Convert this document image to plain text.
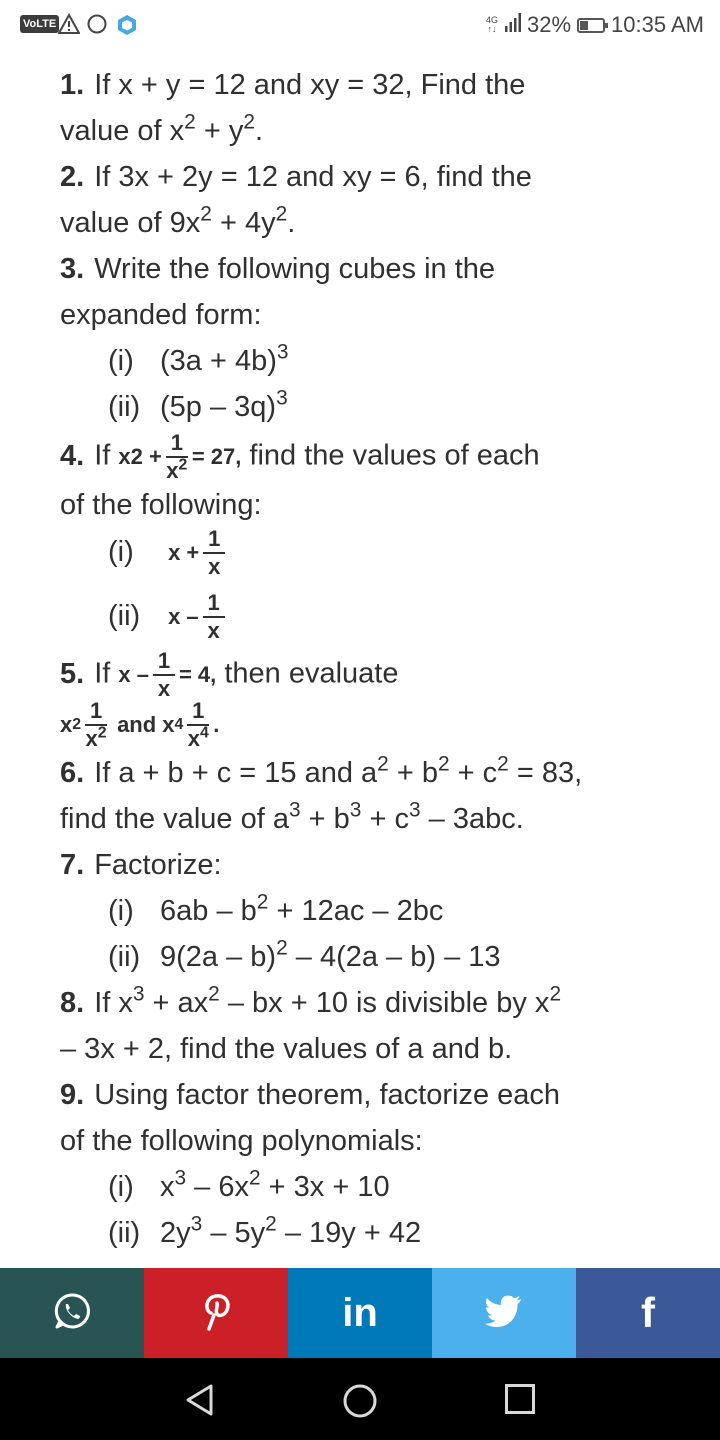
VoLTE	4G
↑↓ 32% 10:35 AM
1. If x + y = 12 and xy = 32, Find the
value of $x^2 + y^2$.
2. If 3x + 2y = 12 and xy = 6, find the
value of $9x^2 + 4y^2$.
3. Write the following cubes in the
expanded form:
(i) $(3a + 4b)^3$
(ii) (5p – 3q)$^3$
4. If $x2 + \frac{1}{x^2} = 27$, find the values of each
of the following:
(i) $x + \frac{1}{x}$
(ii) x – $\frac{1}{x}$
5. If $x - \frac{1}{x} = 4$, then evaluate

x $2 \frac{1}{x^2}$ and x $4 \frac{1}{x^4}$ .
6. If a + b + c = 15 and $a^2 + b^2 + c^2 = 83$,
find the value of $a^3 + b^3 + c^3 - 3abc$.
7. Factorize:
(i) $6ab - b^2 + 12ac - 2bc$
(ii) 9(2a – b)$^2$ – 4(2a – b) – 13
8. If $x^3 + ax^2$ – bx + 10 is divisible by $x^2$
– 3x + 2, find the values of a and b.
9. Using factor theorem, factorize each
of the following polynomials:
(i) $x^3 - 6x^2 + 3x + 10$
(ii) $2y^3 - 5y^2 - 19y + 42$
in	f
